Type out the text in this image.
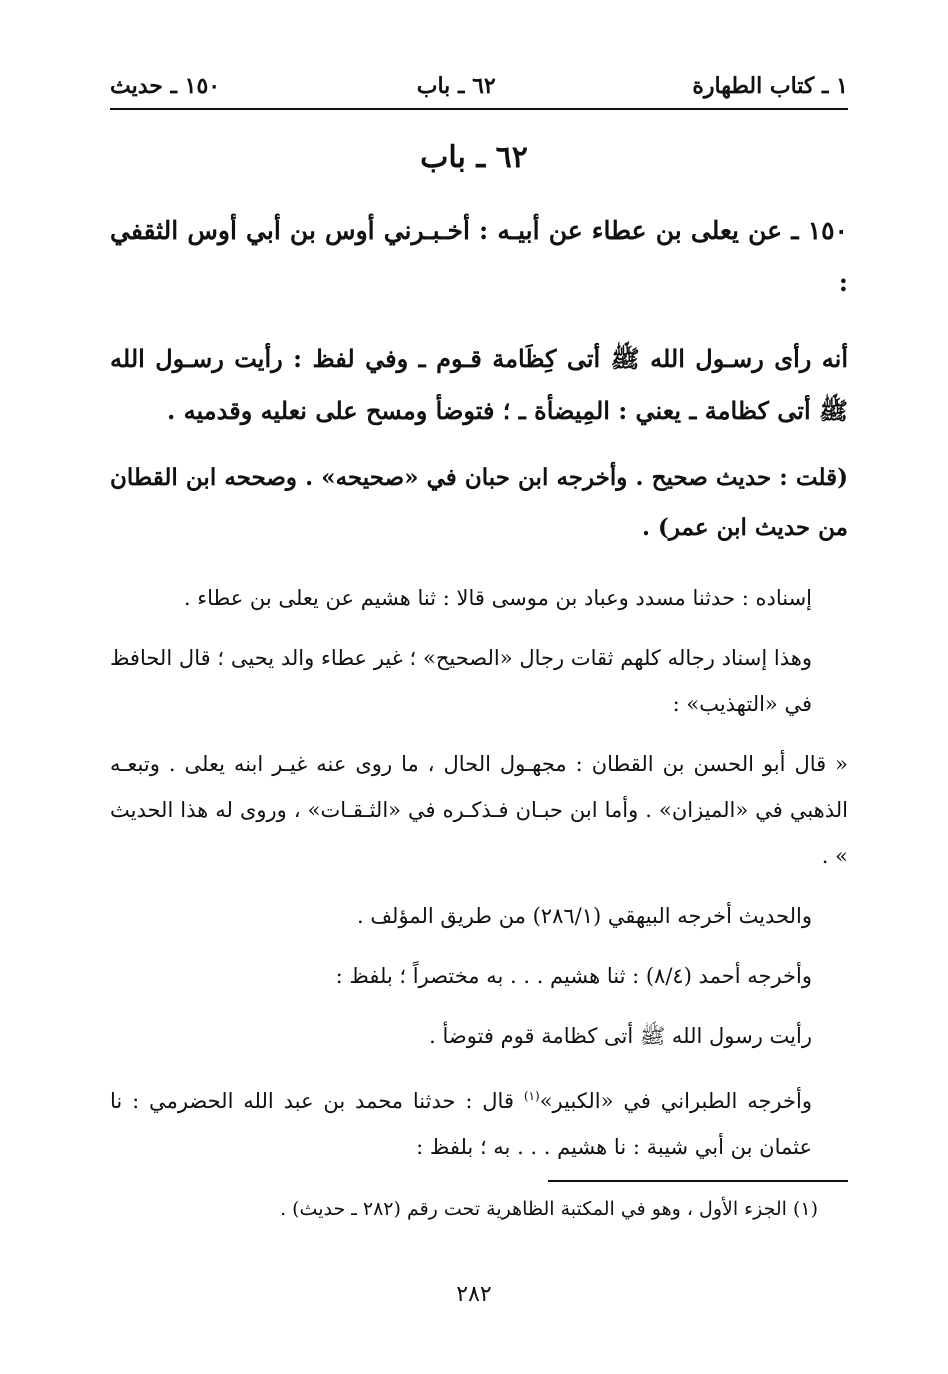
١ ـ كتاب الطهارة
٦٢ ـ باب
١٥٠ ـ حديث
٦٢ ـ باب

١٥٠ ـ عن يعلى بن عطاء عن أبيـه : أخـبـرني أوس بن أبي أوس الثقفي :

أنه رأى رسـول الله ﷺ أتى كِظَامة قـوم ـ وفي لفظ : رأيت رسـول الله ﷺ أتى كظامة ـ يعني : المِيضأة ـ ؛ فتوضأ ومسح على نعليه وقدميه .

(قلت : حديث صحيح . وأخرجه ابن حبان في «صحيحه» . وصححه ابن القطان من حديث ابن عمر) .

إسناده : حدثنا مسدد وعباد بن موسى قالا : ثنا هشيم عن يعلى بن عطاء .

وهذا إسناد رجاله كلهم ثقات رجال «الصحيح» ؛ غير عطاء والد يحيى ؛ قال الحافظ في «التهذيب» :

« قال أبو الحسن بن القطان : مجهـول الحال ، ما روى عنه غيـر ابنه يعلى . وتبعـه الذهبي في «الميزان» . وأما ابن حبـان فـذكـره في «الثـقـات» ، وروى له هذا الحديث » .

والحديث أخرجه البيهقي (٢٨٦/١) من طريق المؤلف .

وأخرجه أحمد (٨/٤) : ثنا هشيم . . . به مختصراً ؛ بلفظ :

رأيت رسول الله ﷺ أتى كظامة قوم فتوضأ .

وأخرجه الطبراني في «الكبير»$^{(١)}$ قال : حدثنا محمد بن عبد الله الحضرمي : نا عثمان بن أبي شيبة : نا هشيم . . . به ؛ بلفظ :

(١) الجزء الأول ، وهو في المكتبة الظاهرية تحت رقم (٢٨٢ ـ حديث) .
٢٨٢
